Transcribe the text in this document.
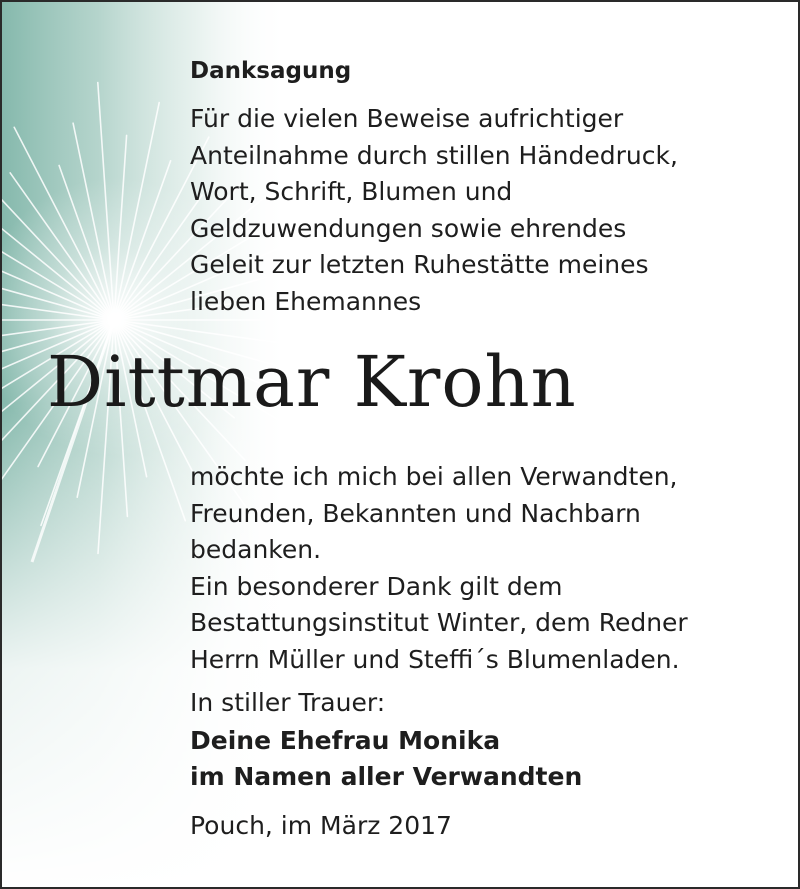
Danksagung
Für die vielen Beweise aufrichtiger
Anteilnahme durch stillen Händedruck,
Wort, Schrift, Blumen und
Geldzuwendungen sowie ehrendes
Geleit zur letzten Ruhestätte meines
lieben Ehemannes
Dittmar Krohn
möchte ich mich bei allen Verwandten,
Freunden, Bekannten und Nachbarn
bedanken.
Ein besonderer Dank gilt dem
Bestattungsinstitut Winter, dem Redner
Herrn Müller und Steffi´s Blumenladen.
In stiller Trauer:
Deine Ehefrau Monika
im Namen aller Verwandten
Pouch, im März 2017
